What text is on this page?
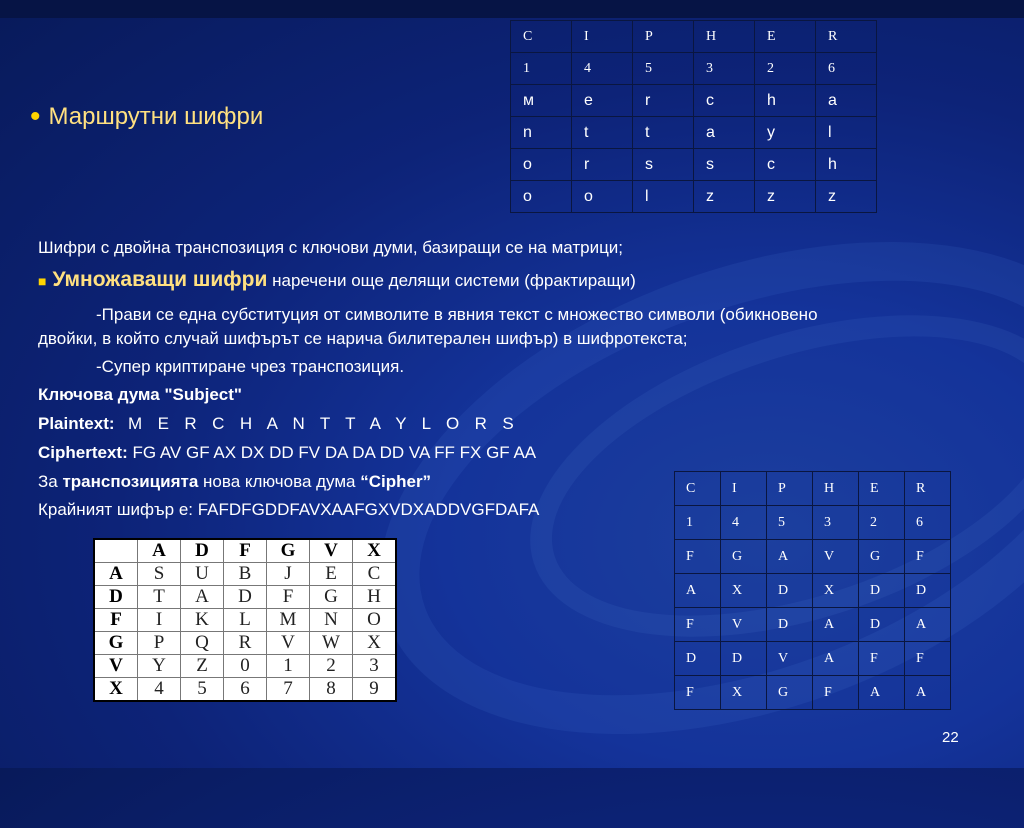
• Маршрутни шифри
C	I	P	H	E	R
1	4	5	3	2	6
м	e	r	c	h	a
n	t	t	a	y	l
o	r	s	s	c	h
o	o	l	z	z	z
Шифри с двойна транспозиция с ключови думи, базиращи се на матрици;
■ Умножаващи шифри наречени още делящи системи (фрактиращи)
-Прави се една субституция от символите в явния текст с множество символи (обикновено
двойки, в който случай шифърът се нарича билитерален шифър) в шифротекста;
-Супер криптиране чрез транспозиция.
Ключова дума "Subject"
Plaintext:  M  E  R  C  H  A  N  T  T  A  Y  L  O  R  S
Ciphertext: FG AV GF AX DX DD FV DA DA DD VA FF FX GF AA
За транспозицията нова ключова дума “Cipher”
Крайният шифър е: FAFDFGDDFAVXAAFGXVDXADDVGFDAFA
	A	D	F	G	V	X
A	S	U	B	J	E	C
D	T	A	D	F	G	H
F	I	K	L	M	N	O
G	P	Q	R	V	W	X
V	Y	Z	0	1	2	3
X	4	5	6	7	8	9
C	I	P	H	E	R
1	4	5	3	2	6
F	G	A	V	G	F
A	X	D	X	D	D
F	V	D	A	D	A
D	D	V	A	F	F
F	X	G	F	A	A
22
